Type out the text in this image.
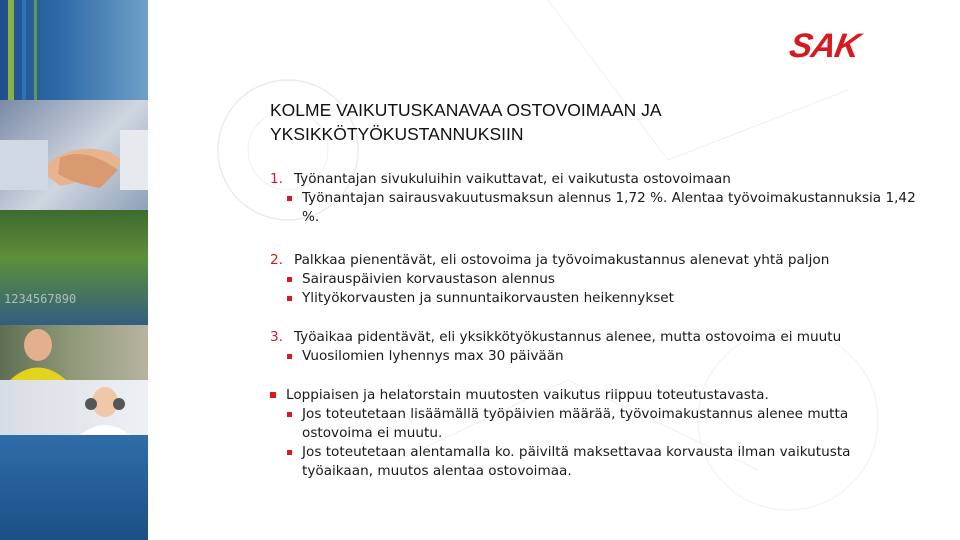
1234567890
SAK
KOLME VAIKUTUSKANAVAA OSTOVOIMAAN JA
YKSIKKÖTYÖKUSTANNUKSIIN
1. Työnantajan sivukuluihin vaikuttavat, ei vaikutusta ostovoimaan
Työnantajan sairausvakuutusmaksun alennus 1,72 %. Alentaa työvoimakustannuksia 1,42 %.
2. Palkkaa pienentävät, eli ostovoima ja työvoimakustannus alenevat yhtä paljon
Sairauspäivien korvaustason alennus
Ylityökorvausten ja sunnuntaikorvausten heikennykset
3. Työaikaa pidentävät, eli yksikkötyökustannus alenee, mutta ostovoima ei muutu
Vuosilomien lyhennys max 30 päivään
Loppiaisen ja helatorstain muutosten vaikutus riippuu toteutustavasta.
Jos toteutetaan lisäämällä työpäivien määrää, työvoimakustannus alenee mutta ostovoima ei muutu.
Jos toteutetaan alentamalla ko. päiviltä maksettavaa korvausta ilman vaikutusta työaikaan, muutos alentaa ostovoimaa.
